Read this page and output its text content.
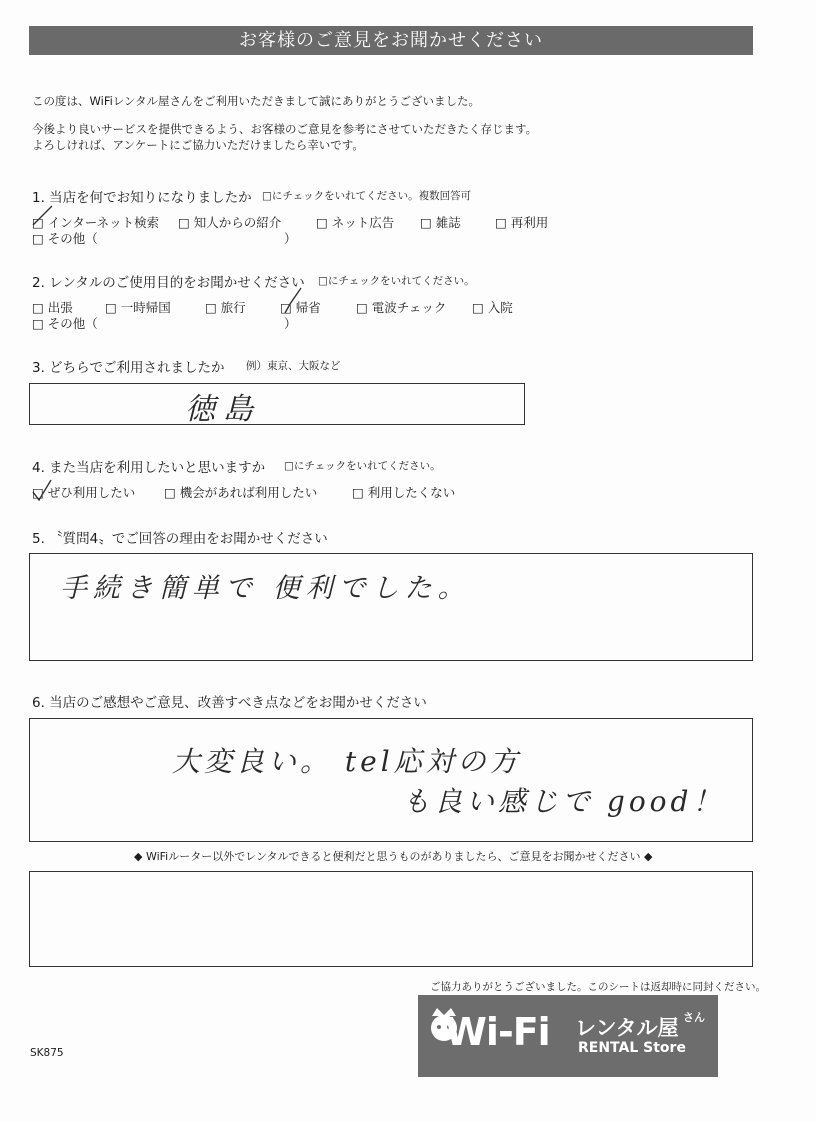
お客様のご意見をお聞かせください
この度は、WiFiレンタル屋さんをご利用いただきまして誠にありがとうございました。
今後より良いサービスを提供できるよう、お客様のご意見を参考にさせていただきたく存じます。
よろしければ、アンケートにご協力いただけましたら幸いです。
1. 当店を何でお知りになりましたか □にチェックをいれてください。複数回答可
□ インターネット検索 □ 知人からの紹介	□ ネット広告 □ 雑誌	□ 再利用
□ その他（	）
2. レンタルのご使用目的をお聞かせください □にチェックをいれてください。
□ 出張	□ 一時帰国	□ 旅行	□ 帰省	□ 電波チェック □ 入院
□ その他（	）
3. どちらでご利用されましたか 例）東京、大阪など
徳島
4. また当店を利用したいと思いますか □にチェックをいれてください。
□ ぜひ利用したい □ 機会があれば利用したい	□ 利用したくない
5. 〝質問4〟でご回答の理由をお聞かせください
手続き簡単で 便利でした。
6. 当店のご感想やご意見、改善すべき点などをお聞かせください
大変良い。 tel応対の方
も良い感じで good！
◆ WiFiルーター以外でレンタルできると便利だと思うものがありましたら、ご意見をお聞かせください ◆
ご協力ありがとうございました。このシートは返却時に同封ください。
SK875	Wi-Fi レンタル屋 さん
RENTAL Store
